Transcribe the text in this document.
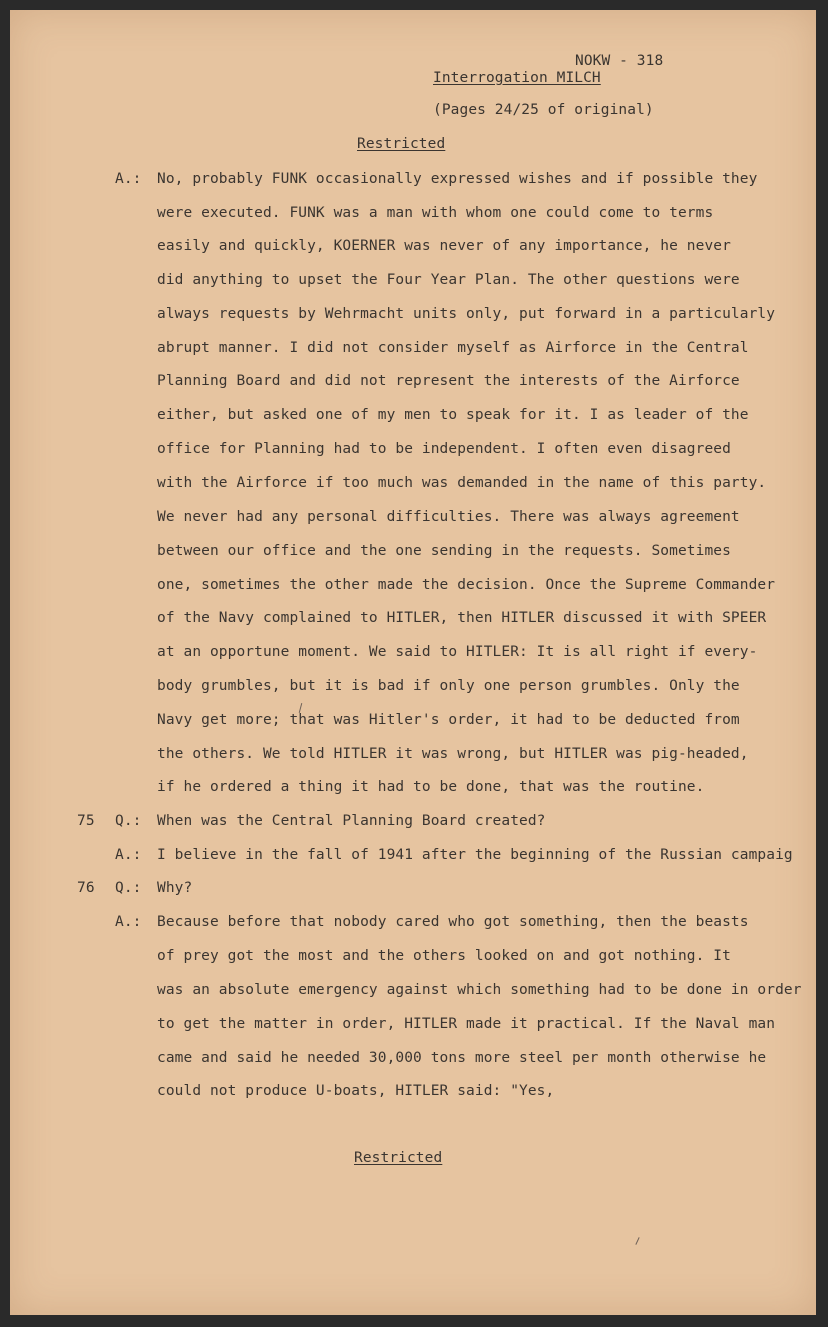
NOKW - 318
Interrogation MILCH
(Pages 24/25 of original)
Restricted
A.: No, probably FUNK occasionally expressed wishes and if possible they
were executed. FUNK was a man with whom one could come to terms
easily and quickly, KOERNER was never of any importance, he never
did anything to upset the Four Year Plan. The other questions were
always requests by Wehrmacht units only, put forward in a particularly
abrupt manner. I did not consider myself as Airforce in the Central
Planning Board and did not represent the interests of the Airforce
either, but asked one of my men to speak for it. I as leader of the
office for Planning had to be independent. I often even disagreed
with the Airforce if too much was demanded in the name of this party.
We never had any personal difficulties. There was always agreement
between our office and the one sending in the requests. Sometimes
one, sometimes the other made the decision. Once the Supreme Commander
of the Navy complained to HITLER, then HITLER discussed it with SPEER
at an opportune moment. We said to HITLER: It is all right if every-
body grumbles, but it is bad if only one person grumbles. Only the
Navy get more; that was Hitler's order, it had to be deducted from
the others. We told HITLER it was wrong, but HITLER was pig-headed,
if he ordered a thing it had to be done, that was the routine.
75 Q.: When was the Central Planning Board created?
A.: I believe in the fall of 1941 after the beginning of the Russian campaig
76 Q.: Why?
A.: Because before that nobody cared who got something, then the beasts
of prey got the most and the others looked on and got nothing. It
was an absolute emergency against which something had to be done in order
to get the matter in order, HITLER made it practical. If the Naval man
came and said he needed 30,000 tons more steel per month otherwise he
could not produce U-boats, HITLER said: "Yes,
Restricted
